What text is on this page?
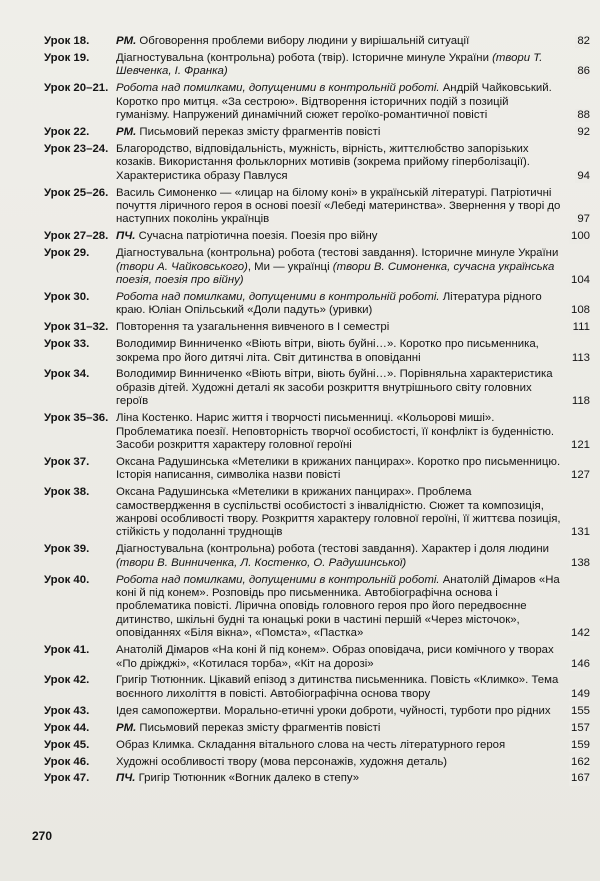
Урок 18.	РМ. Обговорення проблеми вибору людини у вирішальній ситуації	82
Урок 19.	Діагностувальна (контрольна) робота (твір). Історичне минуле України (твори Т. Шевченка, І. Франка)	86
Урок 20–21. Робота над помилками, допущеними в контрольній роботі. Андрій Чайковський. Коротко про митця. «За сестрою». Відтворення історичних подій з позицій гуманізму. Напружений динамічний сюжет героїко-романтичної повісті	88
Урок 22.	РМ. Письмовий переказ змісту фрагментів повісті	92
Урок 23–24. Благородство, відповідальність, мужність, вірність, життєлюбство запорізьких козаків. Використання фольклорних мотивів (зокрема прийому гіперболізації). Характеристика образу Павлуся	94
Урок 25–26. Василь Симоненко — «лицар на білому коні» в українській літературі. Патріотичні почуття ліричного героя в основі поезії «Лебеді материнства». Звернення у творі до наступних поколінь українців	97
Урок 27–28. ПЧ. Сучасна патріотична поезія. Поезія про війну	100
Урок 29.	Діагностувальна (контрольна) робота (тестові завдання). Історичне минуле України (твори А. Чайковського), Ми — українці (твори В. Симоненка, сучасна українська поезія, поезія про війну)	104
Урок 30.	Робота над помилками, допущеними в контрольній роботі. Література рідного краю. Юліан Опільський «Доли падуть» (уривки)	108
Урок 31–32. Повторення та узагальнення вивченого в І семестрі	111
Урок 33.	Володимир Винниченко «Віють вітри, віють буйні…». Коротко про письменника, зокрема про його дитячі літа. Світ дитинства в оповіданні	113
Урок 34.	Володимир Винниченко «Віють вітри, віють буйні…». Порівняльна характеристика образів дітей. Художні деталі як засоби розкриття внутрішнього світу головних героїв	118
Урок 35–36. Ліна Костенко. Нарис життя і творчості письменниці. «Кольорові миші». Проблематика поезії. Неповторність творчої особистості, її конфлікт із буденністю. Засоби розкриття характеру головної героїні	121
Урок 37.	Оксана Радушинська «Метелики в крижаних панцирах». Коротко про письменницю. Історія написання, символіка назви повісті	127
Урок 38.	Оксана Радушинська «Метелики в крижаних панцирах». Проблема самоствердження в суспільстві особистості з інвалідністю. Сюжет та композиція, жанрові особливості твору. Розкриття характеру головної героїні, її життєва позиція, стійкість у подоланні труднощів	131
Урок 39.	Діагностувальна (контрольна) робота (тестові завдання). Характер і доля людини (твори В. Винниченка, Л. Костенко, О. Радушинської)	138
Урок 40.	Робота над помилками, допущеними в контрольній роботі. Анатолій Дімаров «На коні й під конем». Розповідь про письменника. Автобіографічна основа і проблематика повісті. Лірична оповідь головного героя про його передвоєнне дитинство, шкільні будні та юнацькі роки в частині першій «Через місточок», оповіданнях «Біля вікна», «Помста», «Пастка»	142
Урок 41.	Анатолій Дімаров «На коні й під конем». Образ оповідача, риси комічного у творах «По дріжджі», «Котилася торба», «Кіт на дорозі»	146
Урок 42.	Григір Тютюнник. Цікавий епізод з дитинства письменника. Повість «Климко». Тема воєнного лихоліття в повісті. Автобіографічна основа твору	149
Урок 43.	Ідея самопожертви. Морально-етичні уроки доброти, чуйності, турботи про рідних	155
Урок 44.	РМ. Письмовий переказ змісту фрагментів повісті	157
Урок 45.	Образ Климка. Складання вітального слова на честь літературного героя	159
Урок 46.	Художні особливості твору (мова персонажів, художня деталь)	162
Урок 47.	ПЧ. Григір Тютюнник «Вогник далеко в степу»	167
270
